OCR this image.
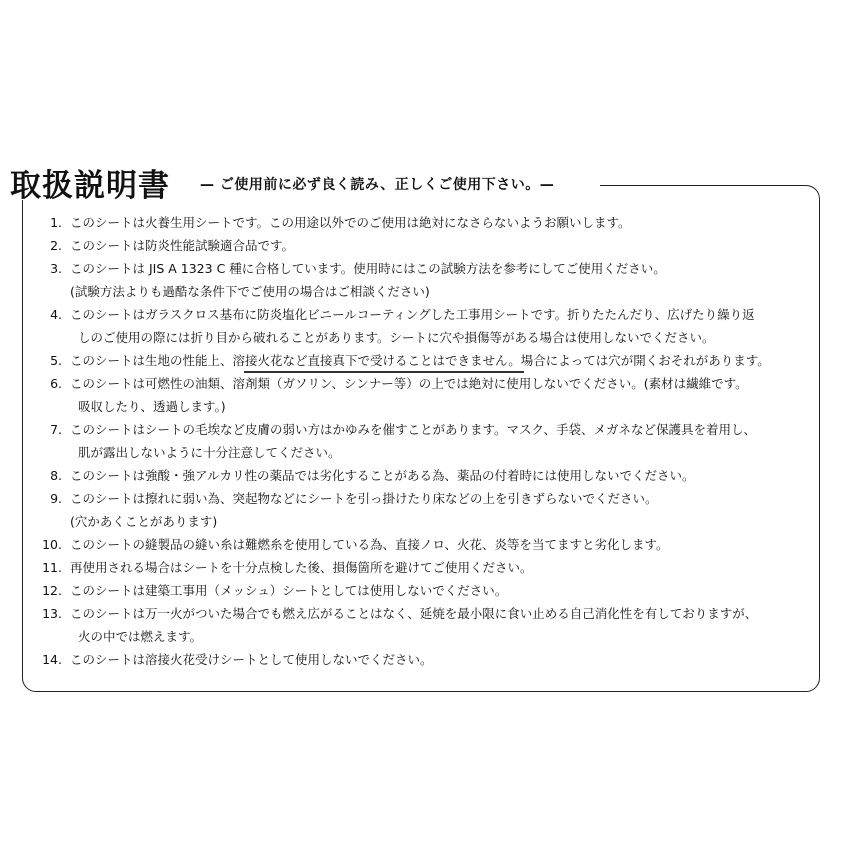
取扱説明書 — ご使用前に必ず良く読み、正しくご使用下さい。—
1. このシートは火養生用シートです。この用途以外でのご使用は絶対になさらないようお願いします。
2. このシートは防炎性能試験適合品です。
3. このシートは JIS A 1323 C 種に合格しています。使用時にはこの試験方法を参考にしてご使用ください。
(試験方法よりも過酷な条件下でご使用の場合はご相談ください)
4. このシートはガラスクロス基布に防炎塩化ビニールコーティングした工事用シートです。折りたたんだり、広げたり繰り返
しのご使用の際には折り目から破れることがあります。シートに穴や損傷等がある場合は使用しないでください。
5. このシートは生地の性能上、溶接火花など直接真下で受けることはできません。場合によっては穴が開くおそれがあります。
6. このシートは可燃性の油類、溶剤類（ガソリン、シンナー等）の上では絶対に使用しないでください。(素材は繊維です。
吸収したり、透過します。)
7. このシートはシートの毛埃など皮膚の弱い方はかゆみを催すことがあります。マスク、手袋、メガネなど保護具を着用し、
肌が露出しないように十分注意してください。
8. このシートは強酸・強アルカリ性の薬品では劣化することがある為、薬品の付着時には使用しないでください。
9. このシートは擦れに弱い為、突起物などにシートを引っ掛けたり床などの上を引きずらないでください。
(穴かあくことがあります)
10. このシートの縫製品の縫い糸は難燃糸を使用している為、直接ノロ、火花、炎等を当てますと劣化します。
11. 再使用される場合はシートを十分点検した後、損傷箇所を避けてご使用ください。
12. このシートは建築工事用（メッシュ）シートとしては使用しないでください。
13. このシートは万一火がついた場合でも燃え広がることはなく、延焼を最小限に食い止める自己消化性を有しておりますが、
火の中では燃えます。
14. このシートは溶接火花受けシートとして使用しないでください。
